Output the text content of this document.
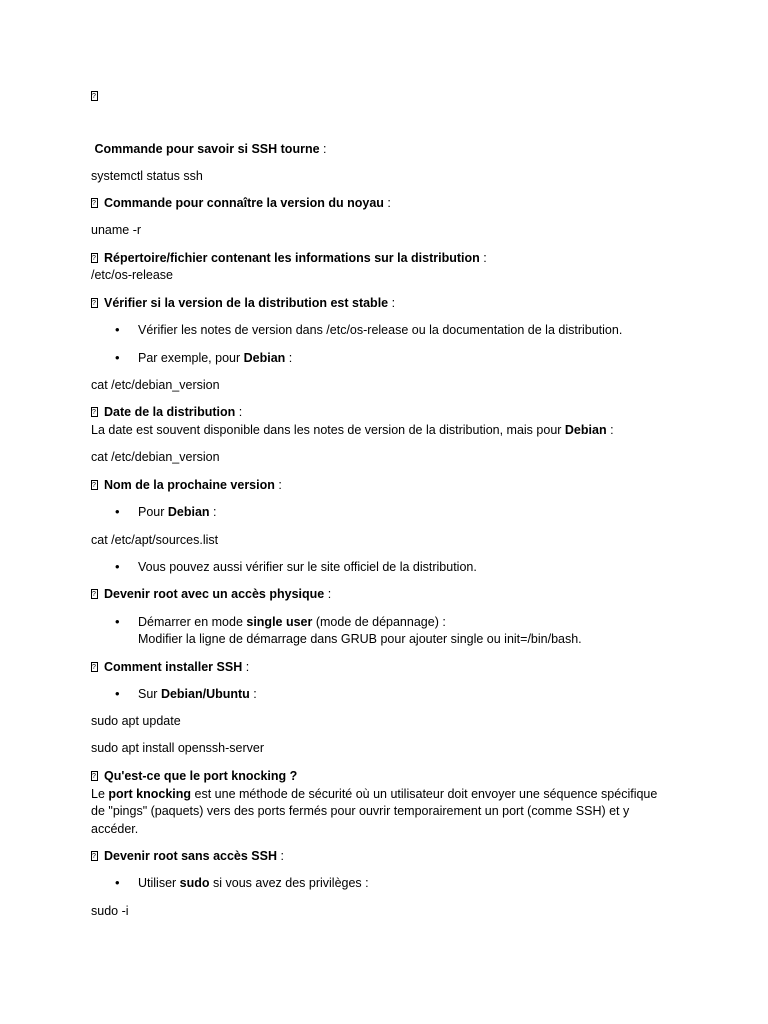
?
Commande pour savoir si SSH tourne :
systemctl status ssh
?Commande pour connaître la version du noyau :
uname -r
?Répertoire/fichier contenant les informations sur la distribution :
/etc/os-release
?Vérifier si la version de la distribution est stable :
•
Vérifier les notes de version dans /etc/os-release ou la documentation de la distribution.
•
Par exemple, pour Debian :
cat /etc/debian_version
?Date de la distribution :
La date est souvent disponible dans les notes de version de la distribution, mais pour Debian :
cat /etc/debian_version
?Nom de la prochaine version :
•
Pour Debian :
cat /etc/apt/sources.list
•
Vous pouvez aussi vérifier sur le site officiel de la distribution.
?Devenir root avec un accès physique :
•
Démarrer en mode single user (mode de dépannage) :
Modifier la ligne de démarrage dans GRUB pour ajouter single ou init=/bin/bash.
?Comment installer SSH :
•
Sur Debian/Ubuntu :
sudo apt update
sudo apt install openssh-server
?Qu'est-ce que le port knocking ?
Le port knocking est une méthode de sécurité où un utilisateur doit envoyer une séquence spécifique
de "pings" (paquets) vers des ports fermés pour ouvrir temporairement un port (comme SSH) et y
accéder.
?Devenir root sans accès SSH :
•
Utiliser sudo si vous avez des privilèges :
sudo -i
